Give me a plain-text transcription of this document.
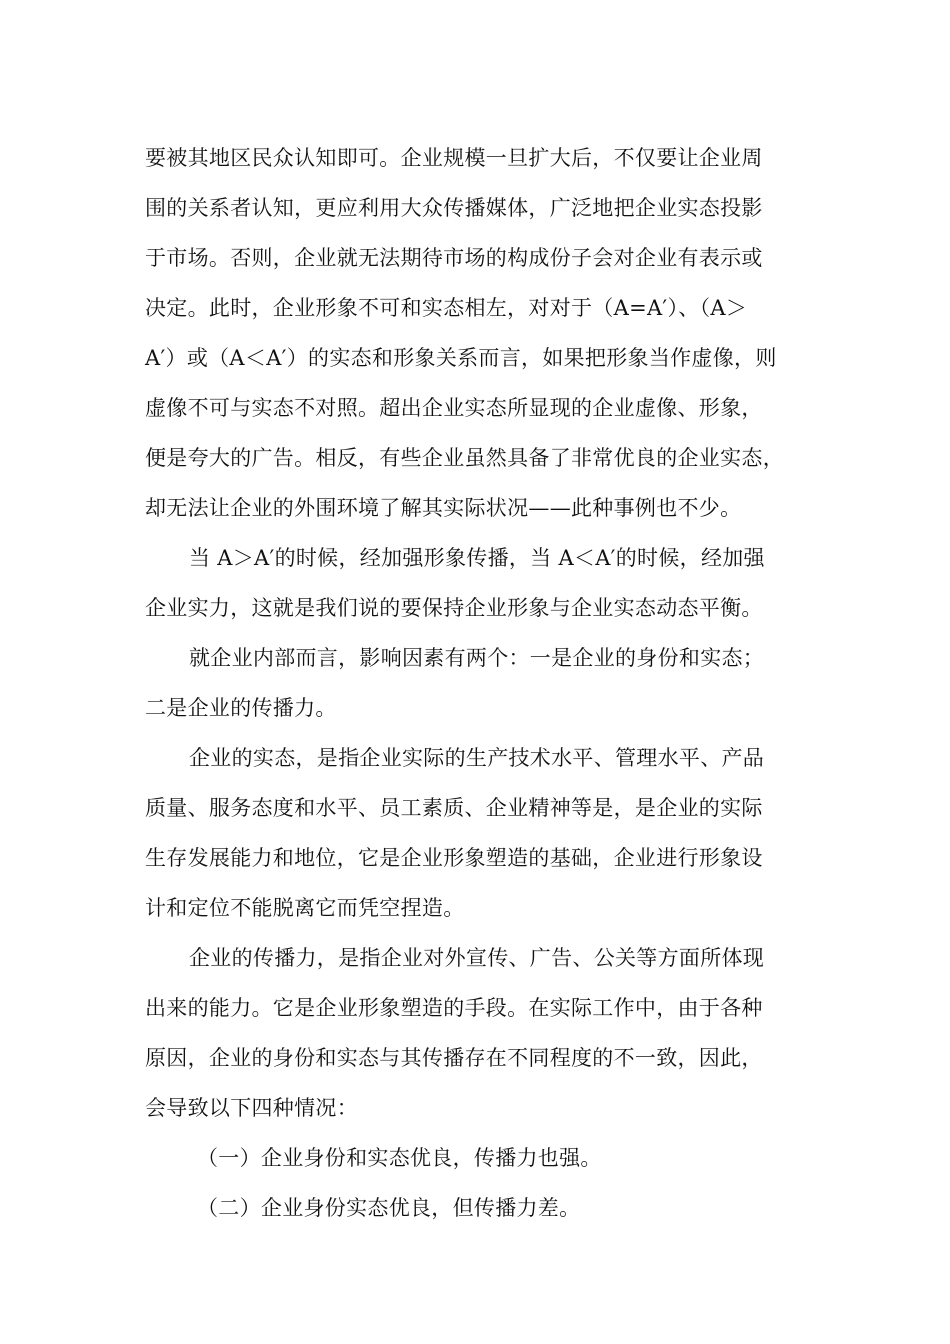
要被其地区民众认知即可。企业规模一旦扩大后，不仅要让企业周
围的关系者认知，更应利用大众传播媒体，广泛地把企业实态投影
于市场。否则，企业就无法期待市场的构成份子会对企业有表示或
决定。此时，企业形象不可和实态相左，对对于（A=A′）、（A＞
A′）或（A＜A′）的实态和形象关系而言，如果把形象当作虚像，则
虚像不可与实态不对照。超出企业实态所显现的企业虚像、形象，
便是夸大的广告。相反，有些企业虽然具备了非常优良的企业实态，
却无法让企业的外围环境了解其实际状况——此种事例也不少。
当 A＞A′的时候，经加强形象传播，当 A＜A′的时候，经加强
企业实力，这就是我们说的要保持企业形象与企业实态动态平衡。
就企业内部而言，影响因素有两个：一是企业的身份和实态；
二是企业的传播力。
企业的实态，是指企业实际的生产技术水平、管理水平、产品
质量、服务态度和水平、员工素质、企业精神等是，是企业的实际
生存发展能力和地位，它是企业形象塑造的基础，企业进行形象设
计和定位不能脱离它而凭空捏造。
企业的传播力，是指企业对外宣传、广告、公关等方面所体现
出来的能力。它是企业形象塑造的手段。在实际工作中，由于各种
原因，企业的身份和实态与其传播存在不同程度的不一致，因此，
会导致以下四种情况：
（一）企业身份和实态优良，传播力也强。
（二）企业身份实态优良，但传播力差。
